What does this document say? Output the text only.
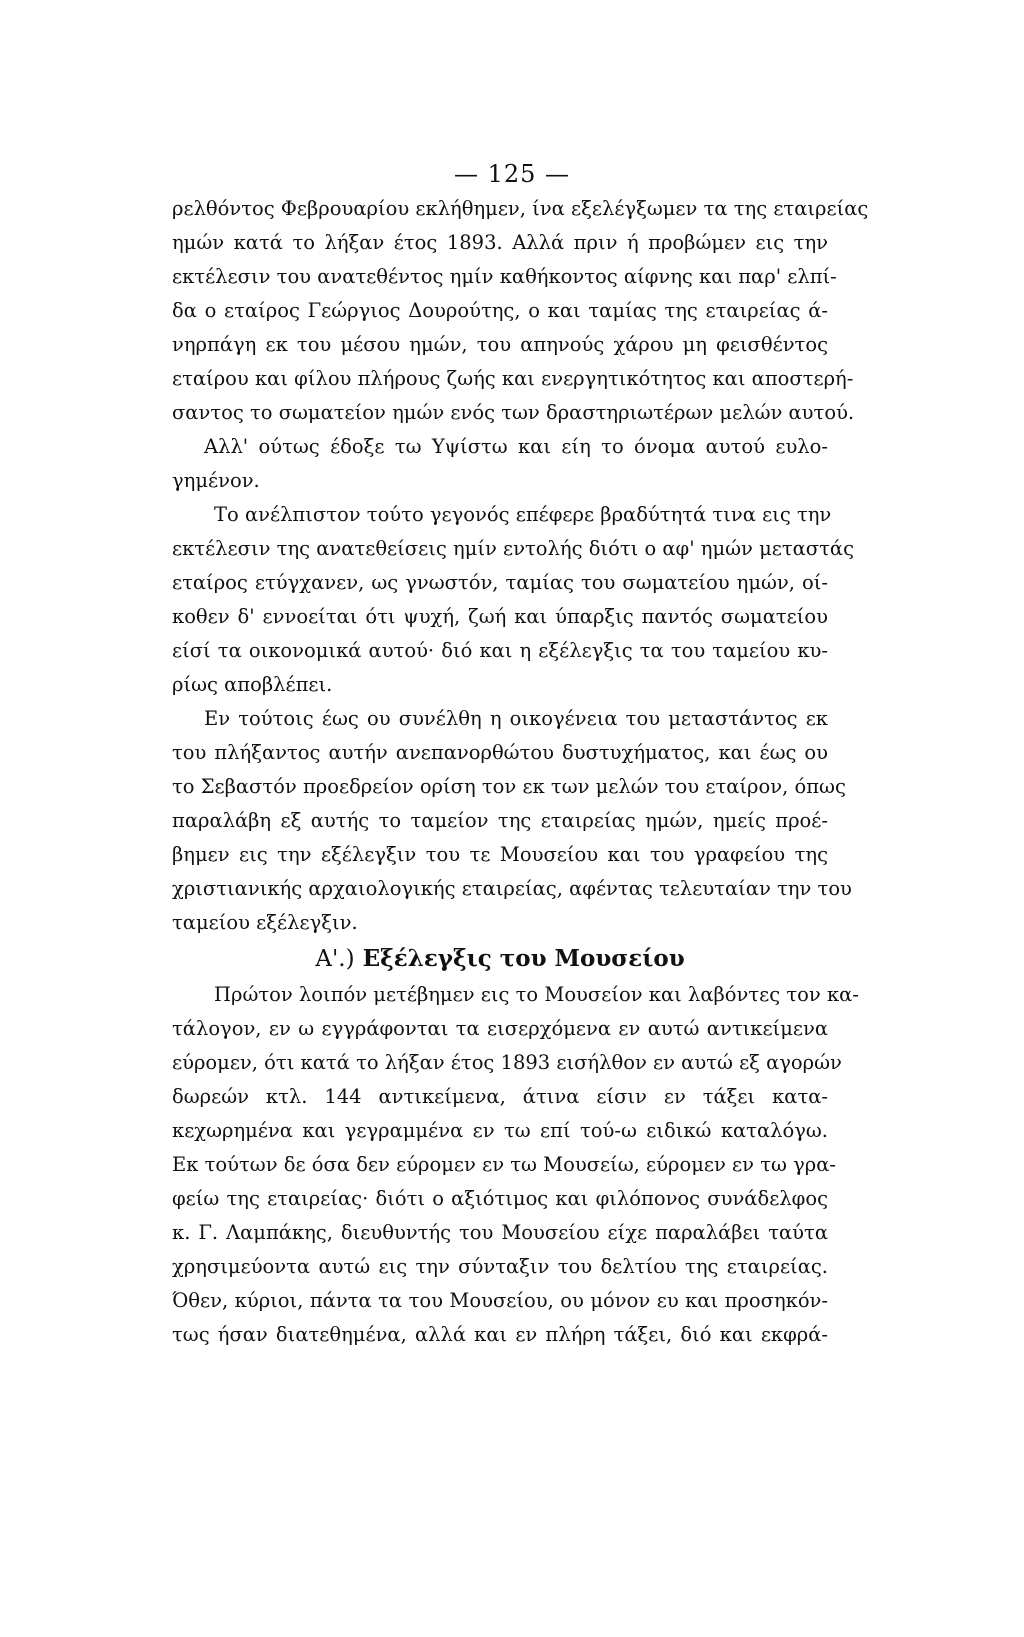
— 125 —
ρελθόντος Φεβρουαρίου εκλήθημεν, ίνα εξελέγξωμεν τα της εταιρείας
ημών κατά το λήξαν έτος 1893. Αλλά πριν ή προβώμεν εις την
εκτέλεσιν του ανατεθέντος ημίν καθήκοντος αίφνης και παρ' ελπί-
δα ο εταίρος Γεώργιος Δουρούτης, ο και ταμίας της εταιρείας ά-
νηρπάγη εκ του μέσου ημών, του απηνούς χάρου μη φεισθέντος
εταίρου και φίλου πλήρους ζωής και ενεργητικότητος και αποστερή-
σαντος το σωματείον ημών ενός των δραστηριωτέρων μελών αυτού.
Αλλ' ούτως έδοξε τω Υψίστω και είη το όνομα αυτού ευλο-
γημένον.
Το ανέλπιστον τούτο γεγονός επέφερε βραδύτητά τινα εις την
εκτέλεσιν της ανατεθείσεις ημίν εντολής διότι ο αφ' ημών μεταστάς
εταίρος ετύγχανεν, ως γνωστόν, ταμίας του σωματείου ημών, οί-
κοθεν δ' εννοείται ότι ψυχή, ζωή και ύπαρξις παντός σωματείου
είσί τα οικονομικά αυτού· διό και η εξέλεγξις τα του ταμείου κυ-
ρίως αποβλέπει.
Εν τούτοις έως ου συνέλθη η οικογένεια του μεταστάντος εκ
του πλήξαντος αυτήν ανεπανορθώτου δυστυχήματος, και έως ου
το Σεβαστόν προεδρείον ορίση τον εκ των μελών του εταίρον, όπως
παραλάβη εξ αυτής το ταμείον της εταιρείας ημών, ημείς προέ-
βημεν εις την εξέλεγξιν του τε Μουσείου και του γραφείου της
χριστιανικής αρχαιολογικής εταιρείας, αφέντας τελευταίαν την του
ταμείου εξέλεγξιν.
Α'.) Εξέλεγξις του Μουσείου
Πρώτον λοιπόν μετέβημεν εις το Μουσείον και λαβόντες τον κα-
τάλογον, εν ω εγγράφονται τα εισερχόμενα εν αυτώ αντικείμενα
εύρομεν, ότι κατά το λήξαν έτος 1893 εισήλθον εν αυτώ εξ αγορών
δωρεών κτλ. 144 αντικείμενα, άτινα είσιν εν τάξει κατα-
κεχωρημένα και γεγραμμένα εν τω επί τού-ω ειδικώ καταλόγω.
Εκ τούτων δε όσα δεν εύρομεν εν τω Μουσείω, εύρομεν εν τω γρα-
φείω της εταιρείας· διότι ο αξιότιμος και φιλόπονος συνάδελφος
κ. Γ. Λαμπάκης, διευθυντής του Μουσείου είχε παραλάβει ταύτα
χρησιμεύοντα αυτώ εις την σύνταξιν του δελτίου της εταιρείας.
Όθεν, κύριοι, πάντα τα του Μουσείου, ου μόνον ευ και προσηκόν-
τως ήσαν διατεθημένα, αλλά και εν πλήρη τάξει, διό και εκφρά-
